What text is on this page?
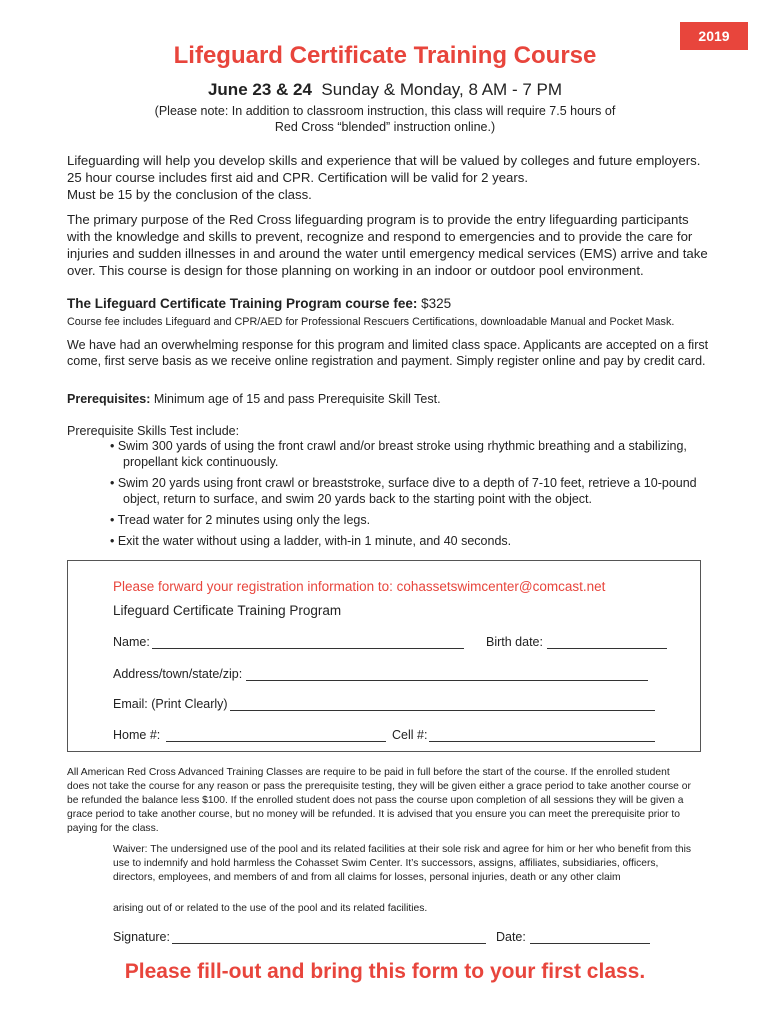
2019
Lifeguard Certificate Training Course
June 23 & 24 Sunday & Monday, 8 AM - 7 PM
(Please note: In addition to classroom instruction, this class will require 7.5 hours of Red Cross “blended” instruction online.)
Lifeguarding will help you develop skills and experience that will be valued by colleges and future employers. 25 hour course includes first aid and CPR. Certification will be valid for 2 years.
Must be 15 by the conclusion of the class.
The primary purpose of the Red Cross lifeguarding program is to provide the entry lifeguarding participants with the knowledge and skills to prevent, recognize and respond to emergencies and to provide the care for injuries and sudden illnesses in and around the water until emergency medical services (EMS) arrive and take over. This course is design for those planning on working in an indoor or outdoor pool environment.
The Lifeguard Certificate Training Program course fee: $325
Course fee includes Lifeguard and CPR/AED for Professional Rescuers Certifications, downloadable Manual and Pocket Mask.
We have had an overwhelming response for this program and limited class space. Applicants are accepted on a first come, first serve basis as we receive online registration and payment. Simply register online and pay by credit card.
Prerequisites: Minimum age of 15 and pass Prerequisite Skill Test.
Prerequisite Skills Test include:
• Swim 300 yards of using the front crawl and/or breast stroke using rhythmic breathing and a stabilizing, propellant kick continuously.
• Swim 20 yards using front crawl or breaststroke, surface dive to a depth of 7-10 feet, retrieve a 10-pound object, return to surface, and swim 20 yards back to the starting point with the object.
• Tread water for 2 minutes using only the legs.
• Exit the water without using a ladder, with-in 1 minute, and 40 seconds.
Please forward your registration information to: cohassetswimcenter@comcast.net
Lifeguard Certificate Training Program
Name:	Birth date:
Address/town/state/zip:
Email: (Print Clearly)
Home #:	Cell #:
All American Red Cross Advanced Training Classes are require to be paid in full before the start of the course. If the enrolled student does not take the course for any reason or pass the prerequisite testing, they will be given either a grace period to take another course or be refunded the balance less $100. If the enrolled student does not pass the course upon completion of all sessions they will be given a grace period to take another course, but no money will be refunded. It is advised that you ensure you can meet the prerequisite prior to paying for the class.
Waiver: The undersigned use of the pool and its related facilities at their sole risk and agree for him or her who benefit from this use to indemnify and hold harmless the Cohasset Swim Center. It’s successors, assigns, affiliates, subsidiaries, officers, directors, employees, and members of and from all claims for losses, personal injuries, death or any other claim
arising out of or related to the use of the pool and its related facilities.
Signature:	Date:
Please fill-out and bring this form to your first class.
